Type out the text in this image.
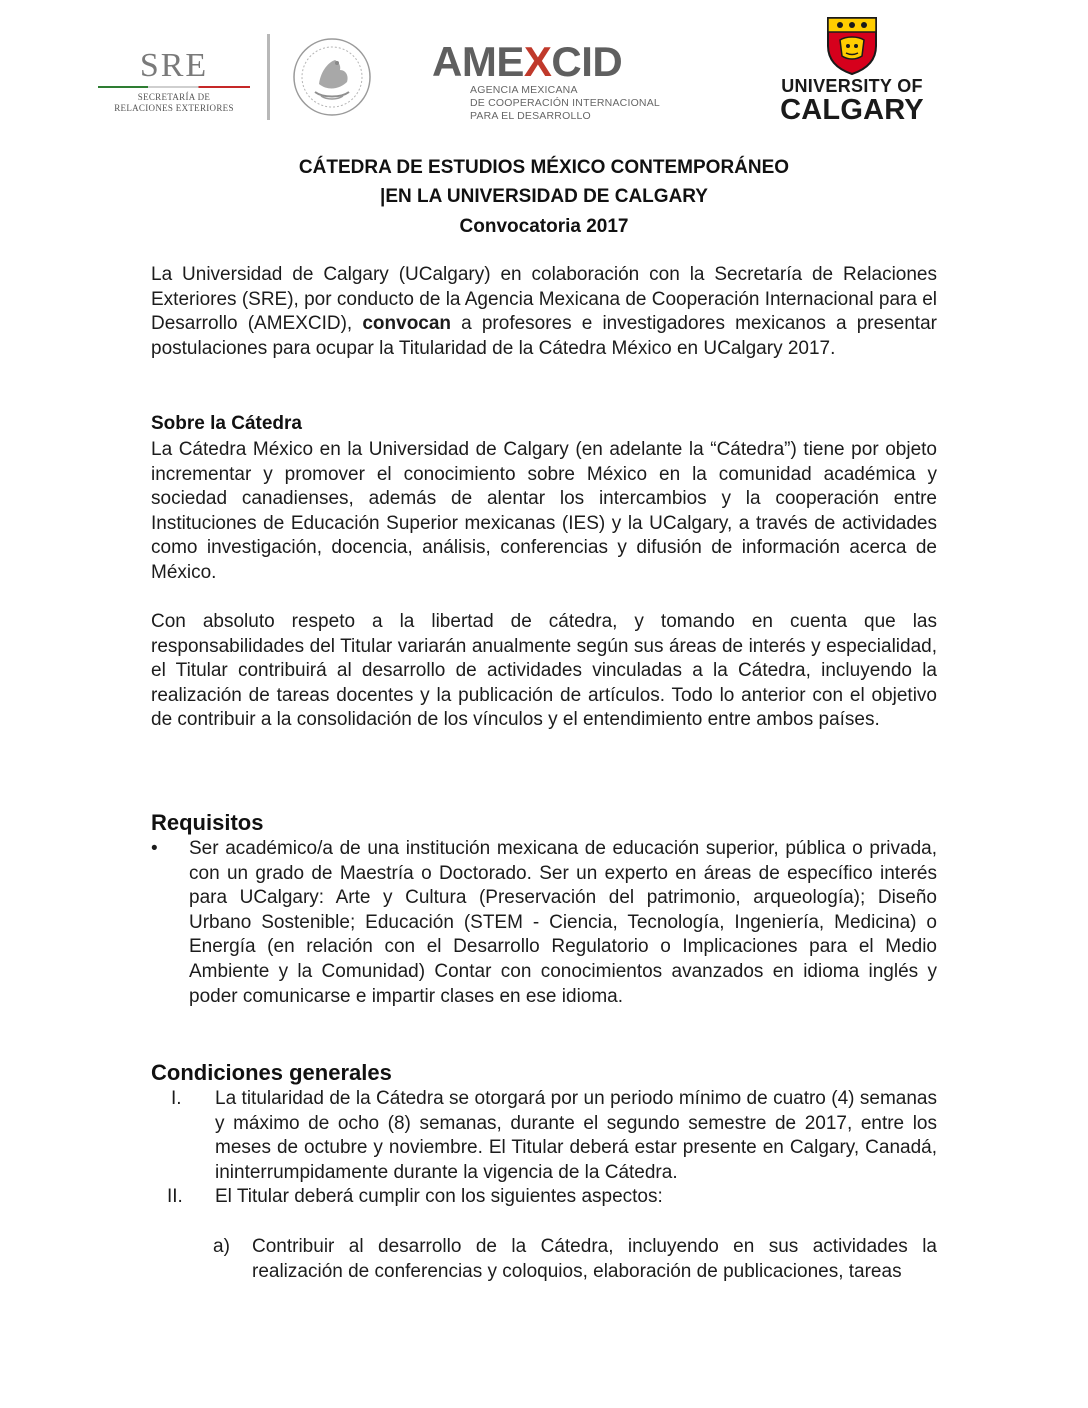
SRE
SECRETARÍA DE
RELACIONES EXTERIORES
AMEXCID
AGENCIA MEXICANA
DE COOPERACIÓN INTERNACIONAL
PARA EL DESARROLLO
UNIVERSITY OF
CALGARY
CÁTEDRA DE ESTUDIOS MÉXICO CONTEMPORÁNEO
|EN LA UNIVERSIDAD DE CALGARY
Convocatoria 2017
La Universidad de Calgary (UCalgary) en colaboración con la Secretaría de Relaciones Exteriores (SRE), por conducto de la Agencia Mexicana de Cooperación Internacional para el Desarrollo (AMEXCID), convocan a profesores e investigadores mexicanos a presentar postulaciones para ocupar la Titularidad de la Cátedra México en UCalgary 2017.
Sobre la Cátedra
La Cátedra México en la Universidad de Calgary (en adelante la “Cátedra”) tiene por objeto incrementar y promover el conocimiento sobre México en la comunidad académica y sociedad canadienses, además de alentar los intercambios y la cooperación entre Instituciones de Educación Superior mexicanas (IES) y la UCalgary, a través de actividades como investigación, docencia, análisis, conferencias y difusión de información acerca de México.
Con absoluto respeto a la libertad de cátedra, y tomando en cuenta que las responsabilidades del Titular variarán anualmente según sus áreas de interés y especialidad, el Titular contribuirá al desarrollo de actividades vinculadas a la Cátedra, incluyendo la realización de tareas docentes y la publicación de artículos. Todo lo anterior con el objetivo de contribuir a la consolidación de los vínculos y el entendimiento entre ambos países.
Requisitos
• Ser académico/a de una institución mexicana de educación superior, pública o privada, con un grado de Maestría o Doctorado. Ser un experto en áreas de específico interés para UCalgary: Arte y Cultura (Preservación del patrimonio, arqueología); Diseño Urbano Sostenible; Educación (STEM - Ciencia, Tecnología, Ingeniería, Medicina) o Energía (en relación con el Desarrollo Regulatorio o Implicaciones para el Medio Ambiente y la Comunidad) Contar con conocimientos avanzados en idioma inglés y poder comunicarse e impartir clases en ese idioma.
Condiciones generales
I. La titularidad de la Cátedra se otorgará por un periodo mínimo de cuatro (4) semanas y máximo de ocho (8) semanas, durante el segundo semestre de 2017, entre los meses de octubre y noviembre. El Titular deberá estar presente en Calgary, Canadá, ininterrumpidamente durante la vigencia de la Cátedra.
II. El Titular deberá cumplir con los siguientes aspectos:
a) Contribuir al desarrollo de la Cátedra, incluyendo en sus actividades la realización de conferencias y coloquios, elaboración de publicaciones, tareas
